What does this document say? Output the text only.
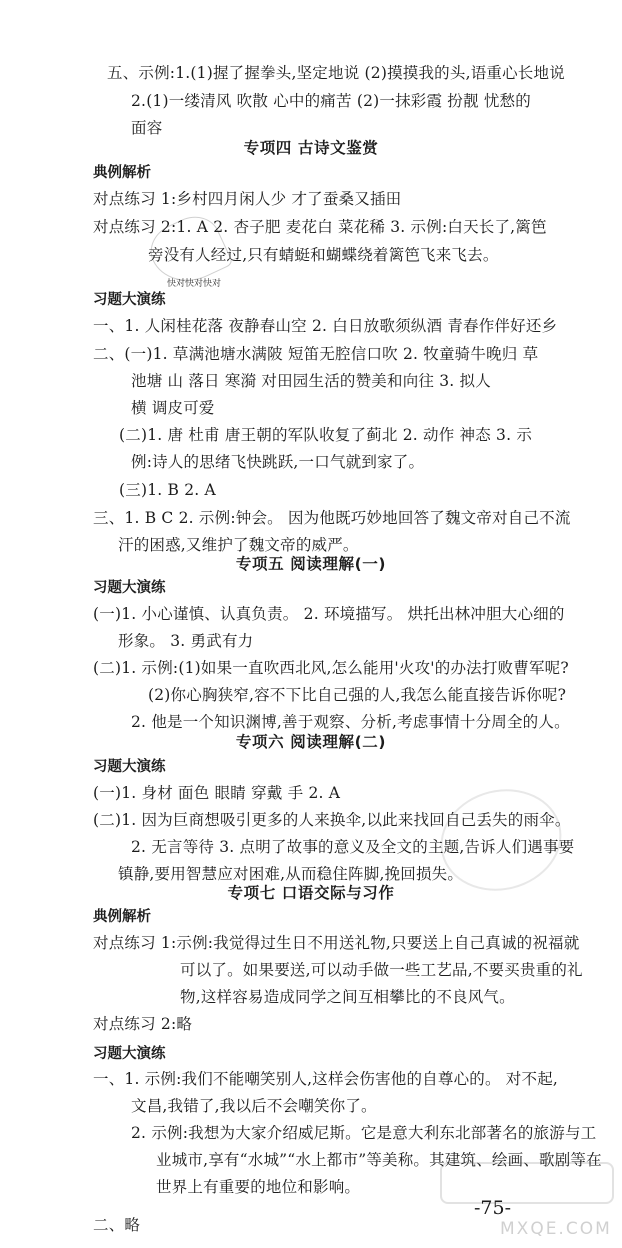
快对快对快对
五、示例:1.(1)握了握拳头,坚定地说 (2)摸摸我的头,语重心长地说
2.(1)一缕清风 吹散 心中的痛苦 (2)一抹彩霞 扮靓 忧愁的
面容
专项四 古诗文鉴赏
典例解析
对点练习 1:乡村四月闲人少 才了蚕桑又插田
对点练习 2:1. A 2. 杏子肥 麦花白 菜花稀 3. 示例:白天长了,篱笆
旁没有人经过,只有蜻蜓和蝴蝶绕着篱笆飞来飞去。
习题大演练
一、1. 人闲桂花落 夜静春山空 2. 白日放歌须纵酒 青春作伴好还乡
二、(一)1. 草满池塘水满陂 短笛无腔信口吹 2. 牧童骑牛晚归 草
池塘 山 落日 寒漪 对田园生活的赞美和向往 3. 拟人
横 调皮可爱
(二)1. 唐 杜甫 唐王朝的军队收复了蓟北 2. 动作 神态 3. 示
例:诗人的思绪飞快跳跃,一口气就到家了。
(三)1. B 2. A
三、1. B C 2. 示例:钟会。 因为他既巧妙地回答了魏文帝对自己不流
汗的困惑,又维护了魏文帝的威严。
专项五 阅读理解(一)
习题大演练
(一)1. 小心谨慎、认真负责。 2. 环境描写。 烘托出林冲胆大心细的
形象。 3. 勇武有力
(二)1. 示例:(1)如果一直吹西北风,怎么能用'火攻'的办法打败曹军呢?
(2)你心胸狭窄,容不下比自己强的人,我怎么能直接告诉你呢?
2. 他是一个知识渊博,善于观察、分析,考虑事情十分周全的人。
专项六 阅读理解(二)
习题大演练
(一)1. 身材 面色 眼睛 穿戴 手 2. A
(二)1. 因为巨商想吸引更多的人来换伞,以此来找回自己丢失的雨伞。
2. 无言等待 3. 点明了故事的意义及全文的主题,告诉人们遇事要
镇静,要用智慧应对困难,从而稳住阵脚,挽回损失。
专项七 口语交际与习作
典例解析
对点练习 1:示例:我觉得过生日不用送礼物,只要送上自己真诚的祝福就
可以了。如果要送,可以动手做一些工艺品,不要买贵重的礼
物,这样容易造成同学之间互相攀比的不良风气。
对点练习 2:略
习题大演练
一、1. 示例:我们不能嘲笑别人,这样会伤害他的自尊心的。 对不起,
文昌,我错了,我以后不会嘲笑你了。
2. 示例:我想为大家介绍威尼斯。它是意大利东北部著名的旅游与工
业城市,享有“水城”“水上都市”等美称。其建筑、绘画、歌剧等在
世界上有重要的地位和影响。
二、略
-75-
MXQE.COM
